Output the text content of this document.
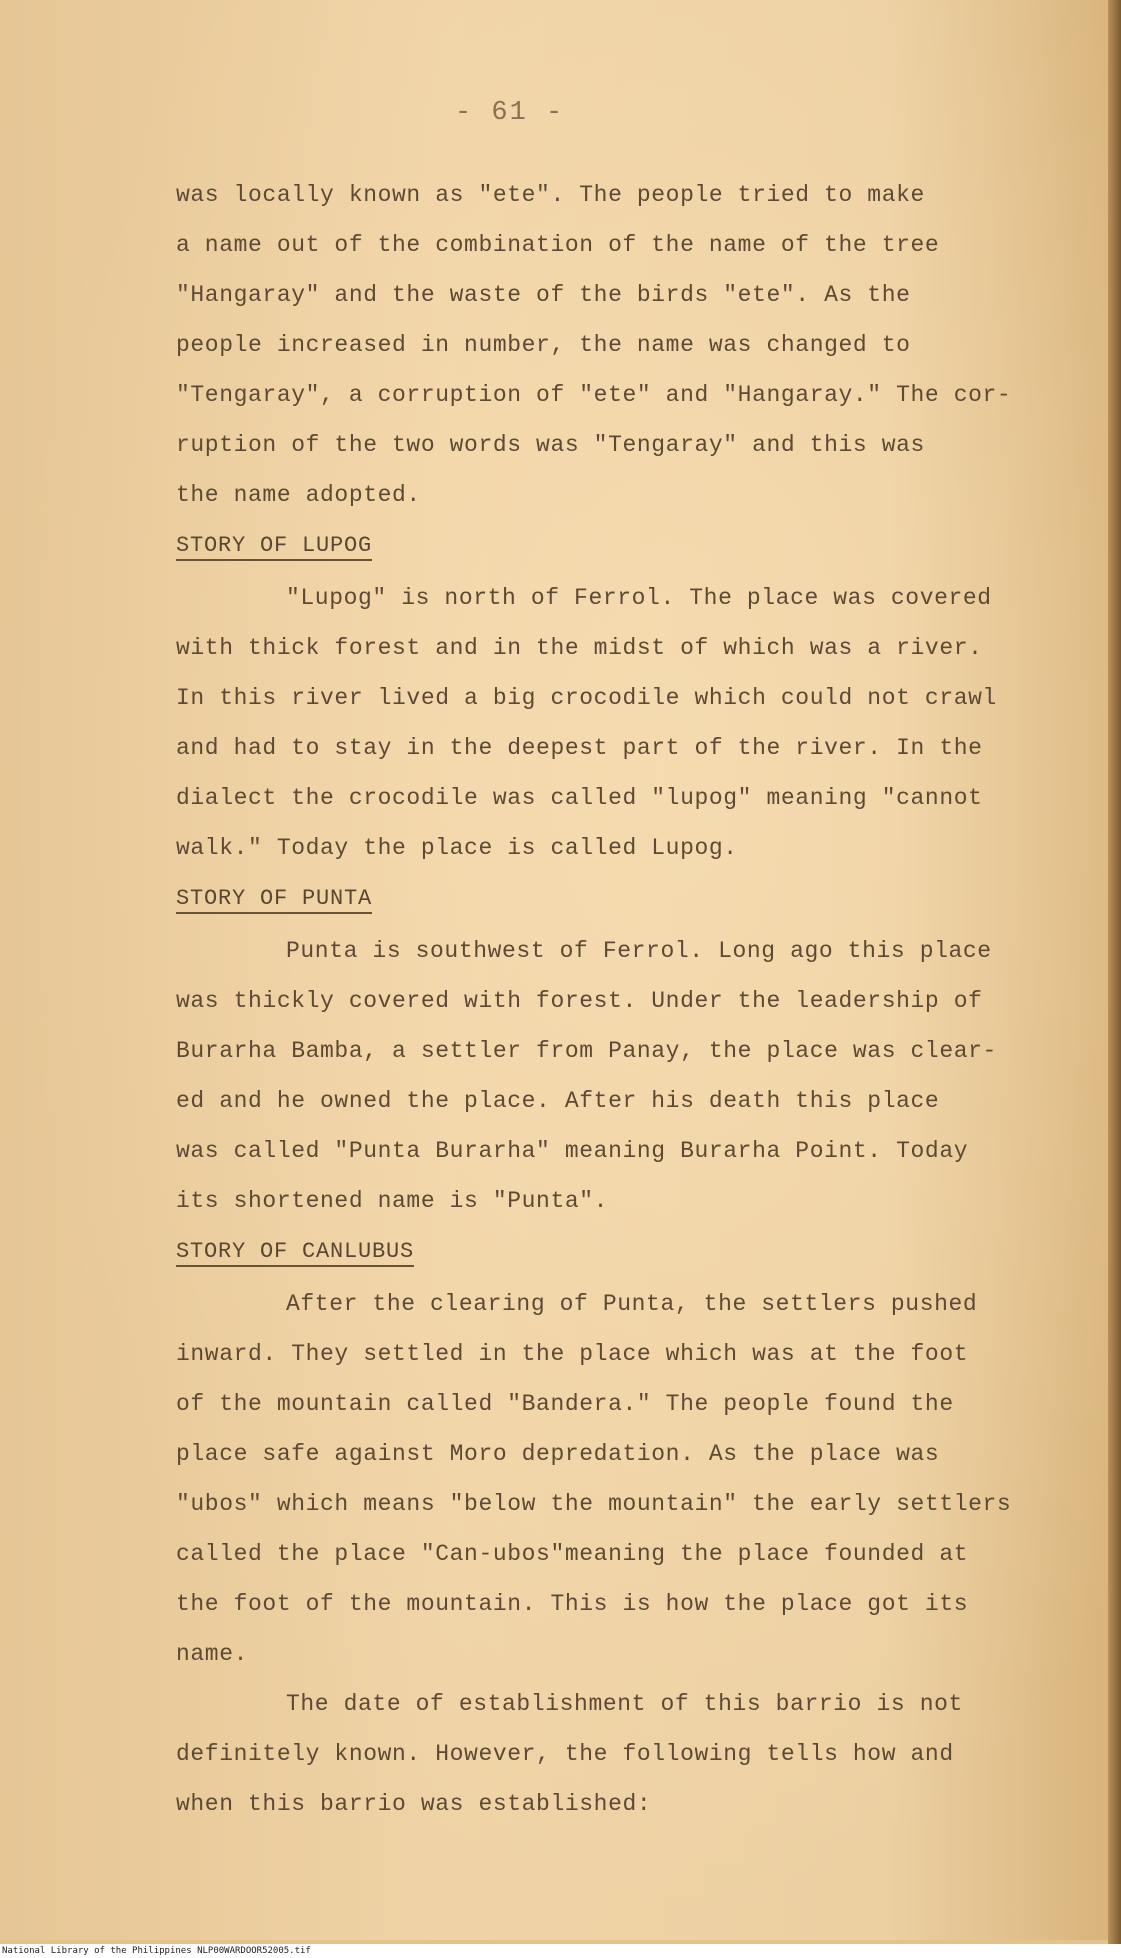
- 61 -
was locally known as "ete". The people tried to make
a name out of the combination of the name of the tree
"Hangaray" and the waste of the birds "ete". As the
people increased in number, the name was changed to
"Tengaray", a corruption of "ete" and "Hangaray." The cor-
ruption of the two words was "Tengaray" and this was
the name adopted.
STORY OF LUPOG
"Lupog" is north of Ferrol. The place was covered
with thick forest and in the midst of which was a river.
In this river lived a big crocodile which could not crawl
and had to stay in the deepest part of the river. In the
dialect the crocodile was called "lupog" meaning "cannot
walk." Today the place is called Lupog.
STORY OF PUNTA
Punta is southwest of Ferrol. Long ago this place
was thickly covered with forest. Under the leadership of
Burarha Bamba, a settler from Panay, the place was clear-
ed and he owned the place. After his death this place
was called "Punta Burarha" meaning Burarha Point. Today
its shortened name is "Punta".
STORY OF CANLUBUS
After the clearing of Punta, the settlers pushed
inward. They settled in the place which was at the foot
of the mountain called "Bandera." The people found the
place safe against Moro depredation. As the place was
"ubos" which means "below the mountain" the early settlers
called the place "Can-ubos"meaning the place founded at
the foot of the mountain. This is how the place got its
name.
The date of establishment of this barrio is not
definitely known. However, the following tells how and
when this barrio was established:
National Library of the Philippines NLP00WARDOOR52005.tif
